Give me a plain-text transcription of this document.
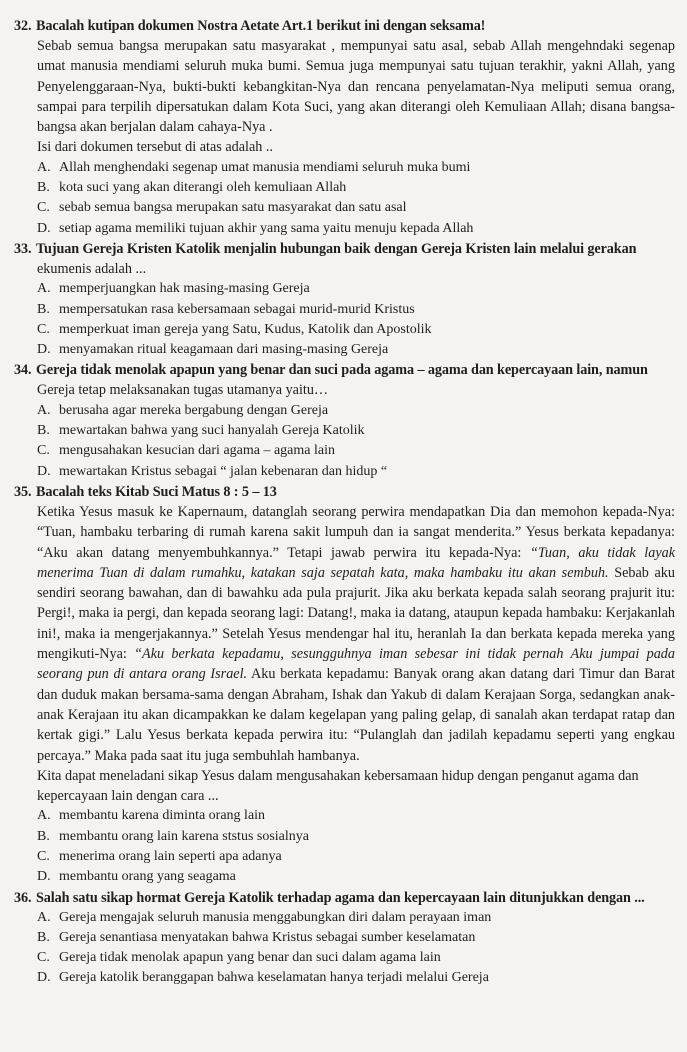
32. Bacalah kutipan dokumen Nostra Aetate Art.1 berikut ini dengan seksama!
Sebab semua bangsa merupakan satu masyarakat , mempunyai satu asal, sebab Allah mengehndaki segenap umat manusia mendiami seluruh muka bumi. Semua juga mempunyai satu tujuan terakhir, yakni Allah, yang Penyelenggaraan-Nya, bukti-bukti kebangkitan-Nya dan rencana penyelamatan-Nya meliputi semua orang, sampai para terpilih dipersatukan dalam Kota Suci, yang akan diterangi oleh Kemuliaan Allah; disana bangsa-bangsa akan berjalan dalam cahaya-Nya .
Isi dari dokumen tersebut di atas adalah ..
A. Allah menghendaki segenap umat manusia mendiami seluruh muka bumi
B. kota suci yang akan diterangi oleh kemuliaan Allah
C. sebab semua bangsa merupakan satu masyarakat dan satu asal
D. setiap agama memiliki tujuan akhir yang sama yaitu menuju kepada Allah
33. Tujuan Gereja Kristen Katolik menjalin hubungan baik dengan Gereja Kristen lain melalui gerakan
ekumenis adalah ...
A. memperjuangkan hak masing-masing Gereja
B. mempersatukan rasa kebersamaan sebagai murid-murid Kristus
C. memperkuat iman gereja yang Satu, Kudus, Katolik dan Apostolik
D. menyamakan ritual keagamaan dari masing-masing Gereja
34. Gereja tidak menolak apapun yang benar dan suci pada agama – agama dan kepercayaan lain, namun
Gereja tetap melaksanakan tugas utamanya yaitu…
A. berusaha agar mereka bergabung dengan Gereja
B. mewartakan bahwa yang suci hanyalah Gereja Katolik
C. mengusahakan kesucian dari agama – agama lain
D. mewartakan Kristus sebagai “ jalan kebenaran dan hidup “
35. Bacalah teks Kitab Suci Matus 8 : 5 – 13
Ketika Yesus masuk ke Kapernaum, datanglah seorang perwira mendapatkan Dia dan memohon kepada-Nya: “Tuan, hambaku terbaring di rumah karena sakit lumpuh dan ia sangat menderita.” Yesus berkata kepadanya: “Aku akan datang menyembuhkannya.” Tetapi jawab perwira itu kepada-Nya: “Tuan, aku tidak layak menerima Tuan di dalam rumahku, katakan saja sepatah kata, maka hambaku itu akan sembuh. Sebab aku sendiri seorang bawahan, dan di bawahku ada pula prajurit. Jika aku berkata kepada salah seorang prajurit itu: Pergi!, maka ia pergi, dan kepada seorang lagi: Datang!, maka ia datang, ataupun kepada hambaku: Kerjakanlah ini!, maka ia mengerjakannya.” Setelah Yesus mendengar hal itu, heranlah Ia dan berkata kepada mereka yang mengikuti-Nya: “Aku berkata kepadamu, sesungguhnya iman sebesar ini tidak pernah Aku jumpai pada seorang pun di antara orang Israel. Aku berkata kepadamu: Banyak orang akan datang dari Timur dan Barat dan duduk makan bersama-sama dengan Abraham, Ishak dan Yakub di dalam Kerajaan Sorga, sedangkan anak-anak Kerajaan itu akan dicampakkan ke dalam kegelapan yang paling gelap, di sanalah akan terdapat ratap dan kertak gigi.” Lalu Yesus berkata kepada perwira itu: “Pulanglah dan jadilah kepadamu seperti yang engkau percaya.” Maka pada saat itu juga sembuhlah hambanya.
Kita dapat meneladani sikap Yesus dalam mengusahakan kebersamaan hidup dengan penganut agama dan kepercayaan lain dengan cara ...
A. membantu karena diminta orang lain
B. membantu orang lain karena ststus sosialnya
C. menerima orang lain seperti apa adanya
D. membantu orang yang seagama
36. Salah satu sikap hormat Gereja Katolik terhadap agama dan kepercayaan lain ditunjukkan dengan ...
A. Gereja mengajak seluruh manusia menggabungkan diri dalam perayaan iman
B. Gereja senantiasa menyatakan bahwa Kristus sebagai sumber keselamatan
C. Gereja tidak menolak apapun yang benar dan suci dalam agama lain
D. Gereja katolik beranggapan bahwa keselamatan hanya terjadi melalui Gereja
